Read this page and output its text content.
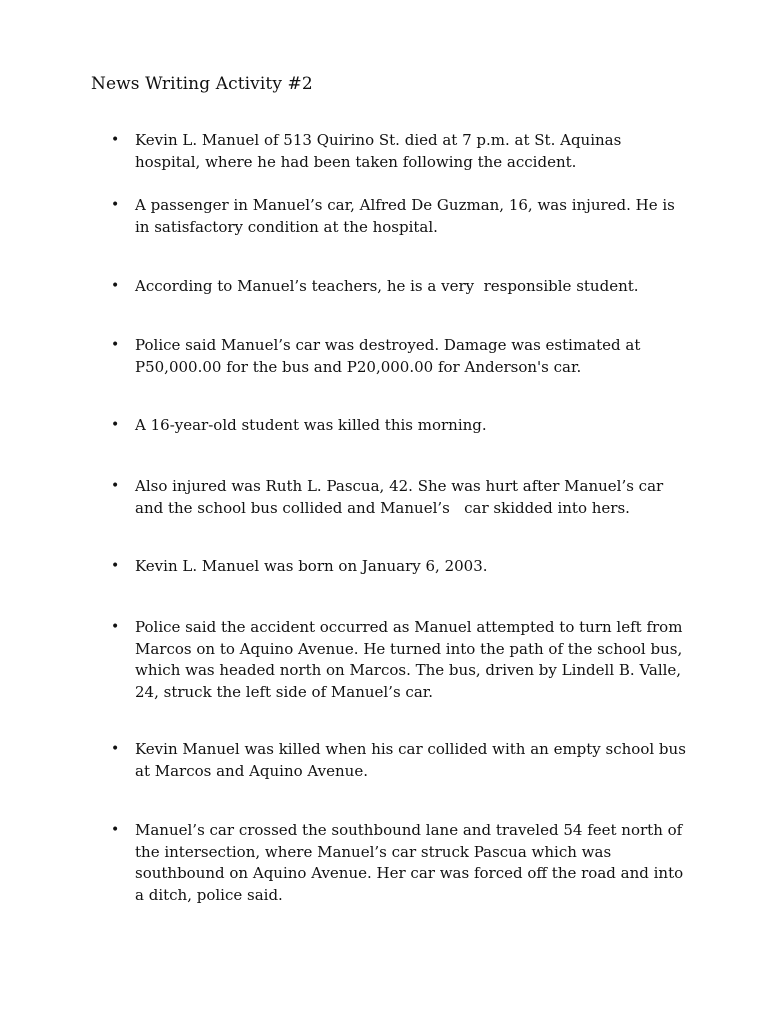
News Writing Activity #2
•	Kevin L. Manuel of 513 Quirino St. died at 7 p.m. at St. Aquinas hospital, where he had been taken following the accident.
•	A passenger in Manuel’s car, Alfred De Guzman, 16, was injured. He is in satisfactory condition at the hospital.
•	According to Manuel’s teachers, he is a very  responsible student.
•	Police said Manuel’s car was destroyed. Damage was estimated at P50,000.00 for the bus and P20,000.00 for Anderson's car.
•	A 16-year-old student was killed this morning.
•	Also injured was Ruth L. Pascua, 42. She was hurt after Manuel’s car and the school bus collided and Manuel’s   car skidded into hers.
•	Kevin L. Manuel was born on January 6, 2003.
•	Police said the accident occurred as Manuel attempted to turn left from Marcos on to Aquino Avenue. He turned into the path of the school bus, which was headed north on Marcos. The bus, driven by Lindell B. Valle, 24, struck the left side of Manuel’s car.
•	Kevin Manuel was killed when his car collided with an empty school bus at Marcos and Aquino Avenue.
•	Manuel’s car crossed the southbound lane and traveled 54 feet north of the intersection, where Manuel’s car struck Pascua which was southbound on Aquino Avenue. Her car was forced off the road and into a ditch, police said.
